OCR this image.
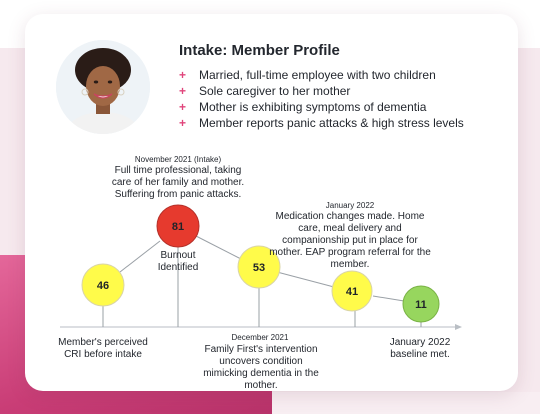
Intake: Member Profile
+	Married, full-time employee with two children
+	Sole caregiver to her mother
+	Mother is exhibiting symptoms of dementia
+	Member reports panic attacks & high stress levels
46
81
53
41
11
November 2021 (Intake)
Full time professional, taking care of her family and mother. Suffering from panic attacks.
Burnout Identified
January 2022
Medication changes made. Home care, meal delivery and companionship put in place for mother. EAP program referral for the member.
Member's perceived CRI before intake
December 2021
Family First's intervention uncovers condition mimicking dementia in the mother.
January 2022 baseline met.
